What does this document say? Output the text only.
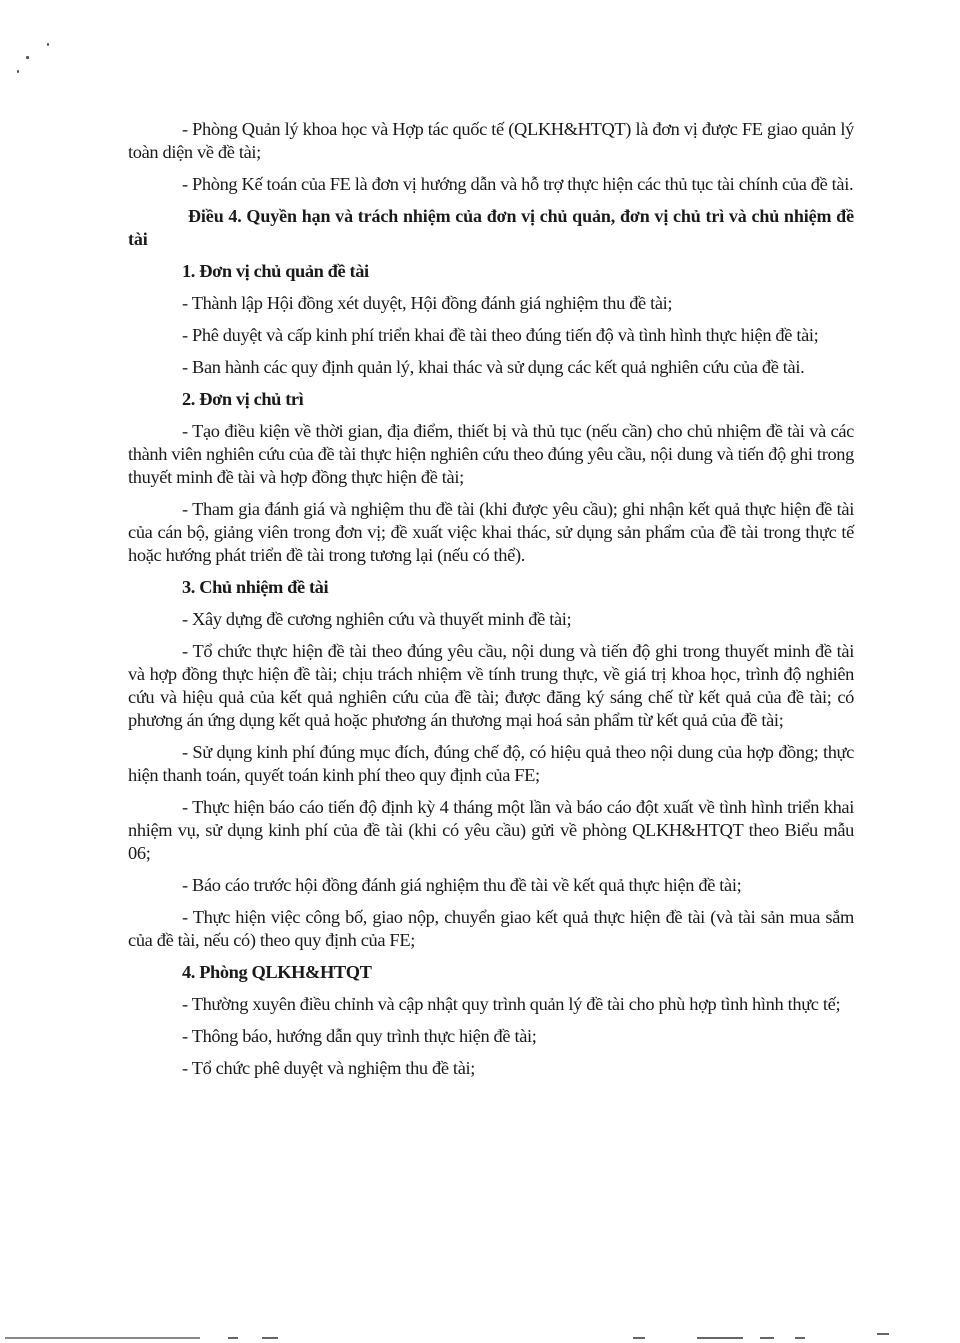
- Phòng Quản lý khoa học và Hợp tác quốc tế (QLKH&HTQT) là đơn vị được FE giao quản lý toàn diện về đề tài;

- Phòng Kế toán của FE là đơn vị hướng dẫn và hỗ trợ thực hiện các thủ tục tài chính của đề tài.

Điều 4. Quyền hạn và trách nhiệm của đơn vị chủ quản, đơn vị chủ trì và chủ nhiệm đề tài

1. Đơn vị chủ quản đề tài

- Thành lập Hội đồng xét duyệt, Hội đồng đánh giá nghiệm thu đề tài;

- Phê duyệt và cấp kinh phí triển khai đề tài theo đúng tiến độ và tình hình thực hiện đề tài;

- Ban hành các quy định quản lý, khai thác và sử dụng các kết quả nghiên cứu của đề tài.

2. Đơn vị chủ trì

- Tạo điều kiện về thời gian, địa điểm, thiết bị và thủ tục (nếu cần) cho chủ nhiệm đề tài và các thành viên nghiên cứu của đề tài thực hiện nghiên cứu theo đúng yêu cầu, nội dung và tiến độ ghi trong thuyết minh đề tài và hợp đồng thực hiện đề tài;

- Tham gia đánh giá và nghiệm thu đề tài (khi được yêu cầu); ghi nhận kết quả thực hiện đề tài của cán bộ, giảng viên trong đơn vị; đề xuất việc khai thác, sử dụng sản phẩm của đề tài trong thực tế hoặc hướng phát triển đề tài trong tương lại (nếu có thể).

3. Chủ nhiệm đề tài

- Xây dựng đề cương nghiên cứu và thuyết minh đề tài;

- Tổ chức thực hiện đề tài theo đúng yêu cầu, nội dung và tiến độ ghi trong thuyết minh đề tài và hợp đồng thực hiện đề tài; chịu trách nhiệm về tính trung thực, về giá trị khoa học, trình độ nghiên cứu và hiệu quả của kết quả nghiên cứu của đề tài; được đăng ký sáng chế từ kết quả của đề tài; có phương án ứng dụng kết quả hoặc phương án thương mại hoá sản phẩm từ kết quả của đề tài;

- Sử dụng kinh phí đúng mục đích, đúng chế độ, có hiệu quả theo nội dung của hợp đồng; thực hiện thanh toán, quyết toán kinh phí theo quy định của FE;

- Thực hiện báo cáo tiến độ định kỳ 4 tháng một lần và báo cáo đột xuất về tình hình triển khai nhiệm vụ, sử dụng kinh phí của đề tài (khi có yêu cầu) gửi về phòng QLKH&HTQT theo Biểu mẫu 06;

- Báo cáo trước hội đồng đánh giá nghiệm thu đề tài về kết quả thực hiện đề tài;

- Thực hiện việc công bố, giao nộp, chuyển giao kết quả thực hiện đề tài (và tài sản mua sắm của đề tài, nếu có) theo quy định của FE;

4. Phòng QLKH&HTQT

- Thường xuyên điều chỉnh và cập nhật quy trình quản lý đề tài cho phù hợp tình hình thực tế;

- Thông báo, hướng dẫn quy trình thực hiện đề tài;

- Tổ chức phê duyệt và nghiệm thu đề tài;
